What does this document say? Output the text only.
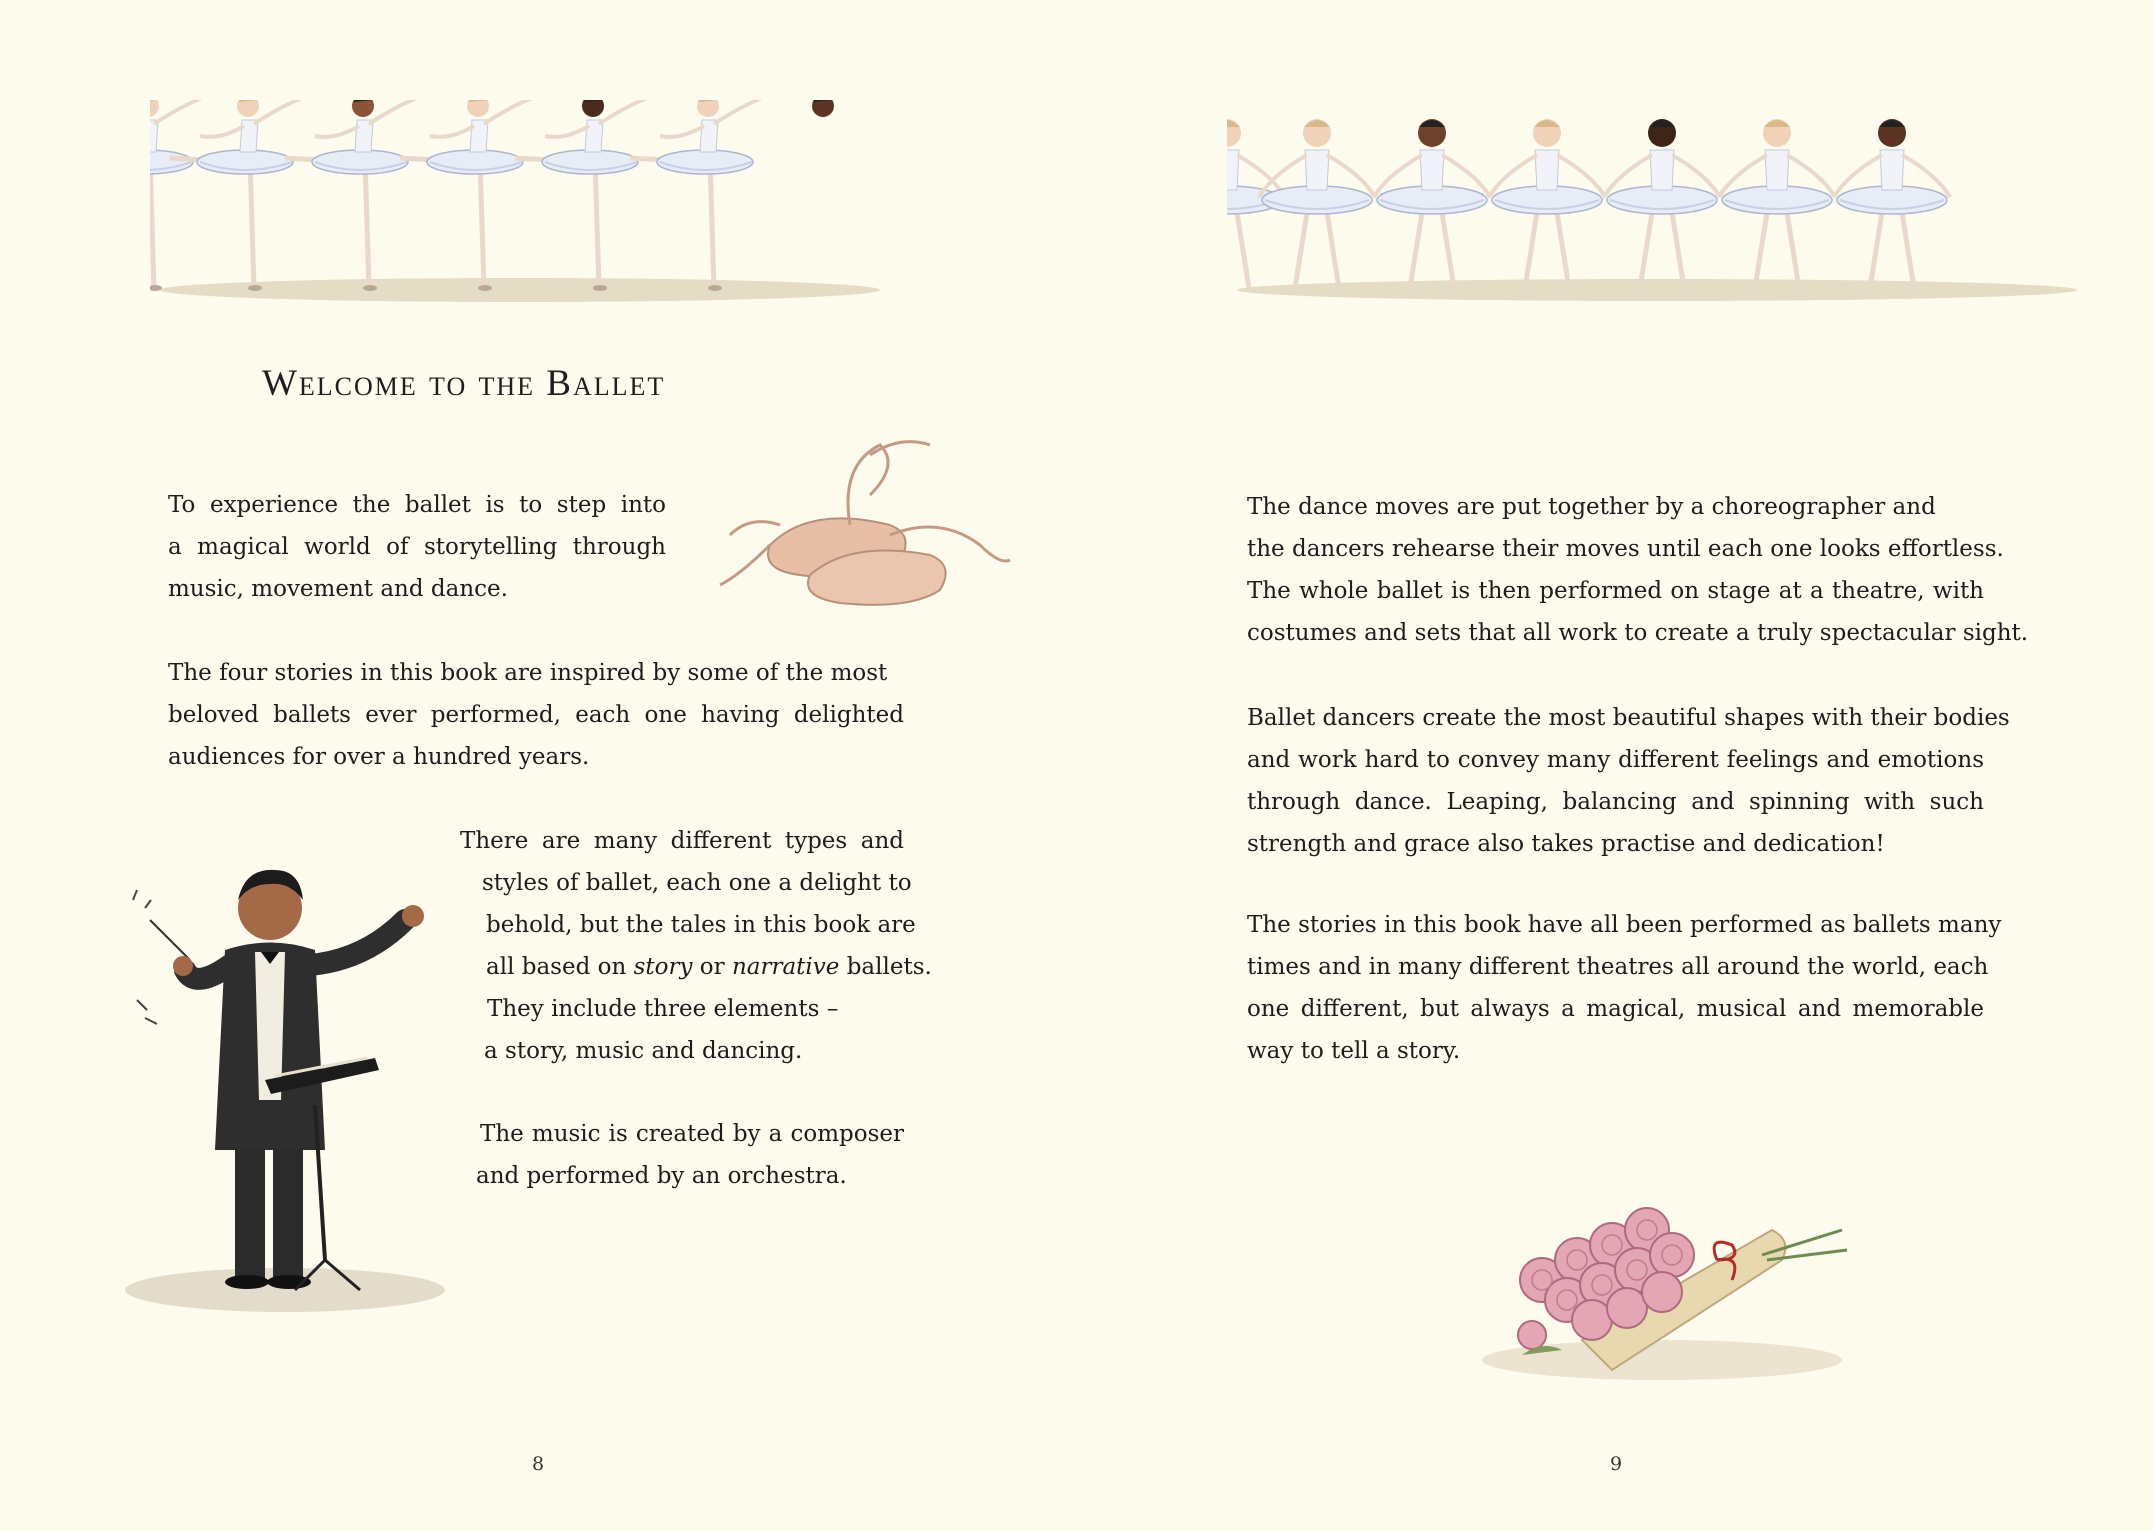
Welcome to the Ballet
To experience the ballet is to step into
a magical world of storytelling through
music, movement and dance.
The four stories in this book are inspired by some of the most
beloved ballets ever performed, each one having delighted
audiences for over a hundred years.
There are many different types and
styles of ballet, each one a delight to
behold, but the tales in this book are
all based on story or narrative ballets.
They include three elements –
a story, music and dancing.
The music is created by a composer
and performed by an orchestra.
8
The dance moves are put together by a choreographer and
the dancers rehearse their moves until each one looks effortless.
The whole ballet is then performed on stage at a theatre, with
costumes and sets that all work to create a truly spectacular sight.
Ballet dancers create the most beautiful shapes with their bodies
and work hard to convey many different feelings and emotions
through dance. Leaping, balancing and spinning with such
strength and grace also takes practise and dedication!
The stories in this book have all been performed as ballets many
times and in many different theatres all around the world, each
one different, but always a magical, musical and memorable
way to tell a story.
9
